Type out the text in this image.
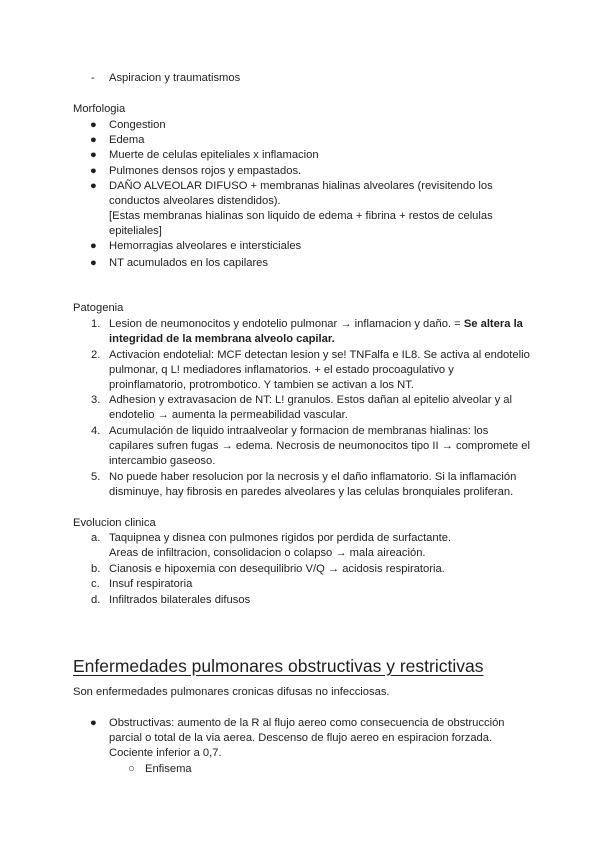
- Aspiracion y traumatismos
Morfologia
● Congestion
● Edema
● Muerte de celulas epiteliales x inflamacion
● Pulmones densos rojos y empastados.
● DAÑO ALVEOLAR DIFUSO + membranas hialinas alveolares (revisitendo los
conductos alveolares distendidos).
[Estas membranas hialinas son liquido de edema + fibrina + restos de celulas
epiteliales]
● Hemorragias alveolares e intersticiales
● NT acumulados en los capilares
Patogenia
1. Lesion de neumonocitos y endotelio pulmonar → inflamacion y daño. = Se altera la
integridad de la membrana alveolo capilar.
2. Activacion endotelial: MCF detectan lesion y se! TNFalfa e IL8. Se activa al endotelio
pulmonar, q L! mediadores inflamatorios. + el estado procoagulativo y
proinflamatorio, protrombotico. Y tambien se activan a los NT.
3. Adhesion y extravasacion de NT: L! granulos. Estos dañan al epitelio alveolar y al
endotelio → aumenta la permeabilidad vascular.
4. Acumulación de liquido intraalveolar y formacion de membranas hialinas: los
capilares sufren fugas → edema. Necrosis de neumonocitos tipo II → compromete el
intercambio gaseoso.
5. No puede haber resolucion por la necrosis y el daño inflamatorio. Si la inflamación
disminuye, hay fibrosis en paredes alveolares y las celulas bronquiales proliferan.
Evolucion clinica
a. Taquipnea y disnea con pulmones rigidos por perdida de surfactante.
Areas de infiltracion, consolidacion o colapso → mala aireación.
b. Cianosis e hipoxemia con desequilibrio V/Q → acidosis respiratoria.
c. Insuf respiratoria
d. Infiltrados bilaterales difusos
Enfermedades pulmonares obstructivas y restrictivas
Son enfermedades pulmonares cronicas difusas no infecciosas.
● Obstructivas: aumento de la R al flujo aereo como consecuencia de obstrucción
parcial o total de la via aerea. Descenso de flujo aereo en espiracion forzada.
Cociente inferior a 0,7.
○ Enfisema
